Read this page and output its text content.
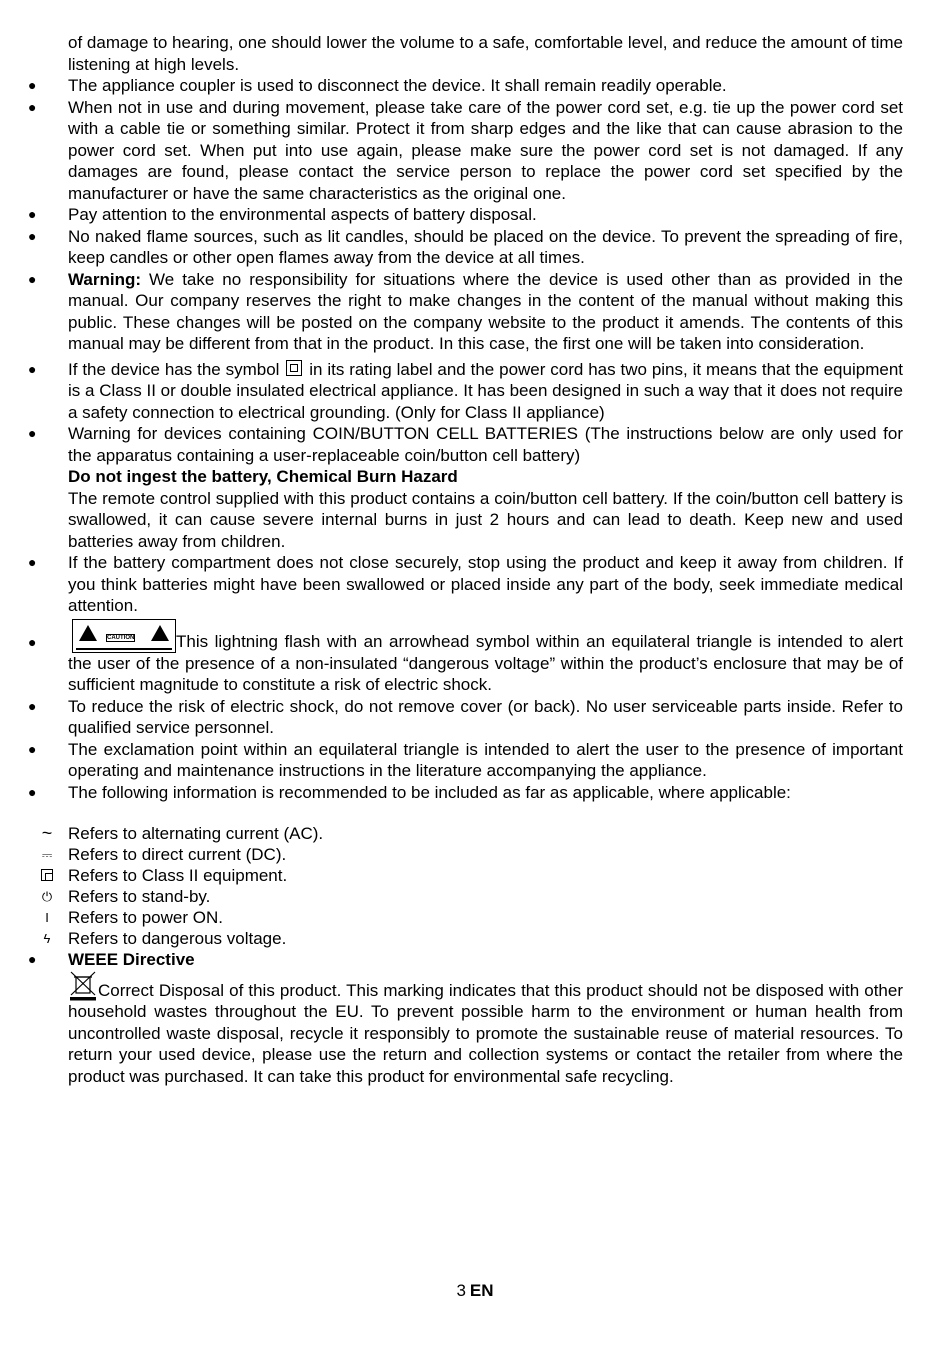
of damage to hearing, one should lower the volume to a safe, comfortable level, and reduce the amount of time listening at high levels.
● The appliance coupler is used to disconnect the device. It shall remain readily operable.
● When not in use and during movement, please take care of the power cord set, e.g. tie up the power cord set with a cable tie or something similar. Protect it from sharp edges and the like that can cause abrasion to the power cord set. When put into use again, please make sure the power cord set is not damaged. If any damages are found, please contact the service person to replace the power cord set specified by the manufacturer or have the same characteristics as the original one.
● Pay attention to the environmental aspects of battery disposal.
● No naked flame sources, such as lit candles, should be placed on the device. To prevent the spreading of fire, keep candles or other open flames away from the device at all times.
● Warning: We take no responsibility for situations where the device is used other than as provided in the manual. Our company reserves the right to make changes in the content of the manual without making this public. These changes will be posted on the company website to the product it amends. The contents of this manual may be different from that in the product. In this case, the first one will be taken into consideration.
● If the device has the symbol  in its rating label and the power cord has two pins, it means that the equipment is a Class II or double insulated electrical appliance. It has been designed in such a way that it does not require a safety connection to electrical grounding. (Only for Class II appliance)
● Warning for devices containing COIN/BUTTON CELL BATTERIES (The instructions below are only used for the apparatus containing a user-replaceable coin/button cell battery)
Do not ingest the battery, Chemical Burn Hazard
The remote control supplied with this product contains a coin/button cell battery. If the coin/button cell battery is swallowed, it can cause severe internal burns in just 2 hours and can lead to death. Keep new and used batteries away from children.
● If the battery compartment does not close securely, stop using the product and keep it away from children. If you think batteries might have been swallowed or placed inside any part of the body, seek immediate medical attention.
●	CAUTION	This lightning flash with an arrowhead symbol within an equilateral triangle is intended to alert the user of the presence of a non-insulated “dangerous voltage” within the product’s enclosure that may be of sufficient magnitude to constitute a risk of electric shock.
● To reduce the risk of electric shock, do not remove cover (or back). No user serviceable parts inside. Refer to qualified service personnel.
● The exclamation point within an equilateral triangle is intended to alert the user to the presence of important operating and maintenance instructions in the literature accompanying the appliance.
● The following information is recommended to be included as far as applicable, where applicable:
~ Refers to alternating current (AC).
⎓ Refers to direct current (DC).
Refers to Class II equipment.
⏻ Refers to stand-by.
I	Refers to power ON.
ϟ	Refers to dangerous voltage.
● WEEE Directive
Correct Disposal of this product. This marking indicates that this product should not be disposed with other household wastes throughout the EU. To prevent possible harm to the environment or human health from uncontrolled waste disposal, recycle it responsibly to promote the sustainable reuse of material resources. To return your used device, please use the return and collection systems or contact the retailer from where the product was purchased. It can take this product for environmental safe recycling.
3 EN
